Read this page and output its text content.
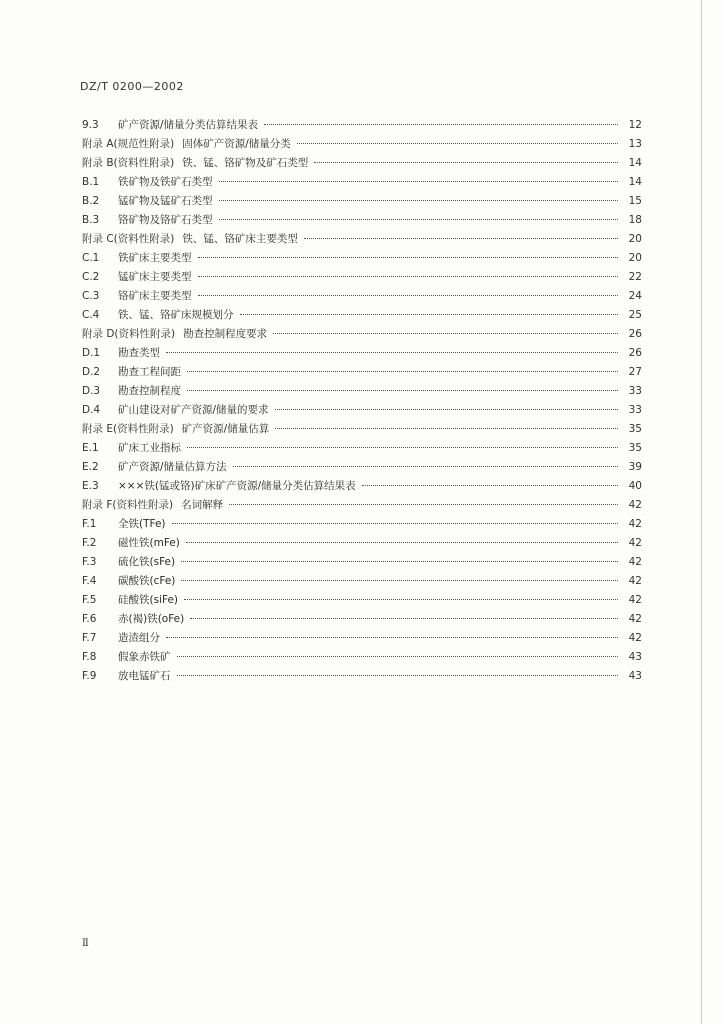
DZ/T 0200—2002
9.3	矿产资源/储量分类估算结果表	12
附录 A(规范性附录) 固体矿产资源/储量分类	13
附录 B(资料性附录) 铁、锰、铬矿物及矿石类型	14
B.1	铁矿物及铁矿石类型	14
B.2	锰矿物及锰矿石类型	15
B.3	铬矿物及铬矿石类型	18
附录 C(资料性附录) 铁、锰、铬矿床主要类型	20
C.1	铁矿床主要类型	20
C.2	锰矿床主要类型	22
C.3	铬矿床主要类型	24
C.4	铁、锰、铬矿床规模划分	25
附录 D(资料性附录) 勘查控制程度要求	26
D.1	勘查类型	26
D.2	勘查工程间距	27
D.3	勘查控制程度	33
D.4	矿山建设对矿产资源/储量的要求	33
附录 E(资料性附录) 矿产资源/储量估算	35
E.1	矿床工业指标	35
E.2	矿产资源/储量估算方法	39
E.3	×××铁(锰或铬)矿床矿产资源/储量分类估算结果表	40
附录 F(资料性附录) 名词解释	42
F.1	全铁(TFe)	42
F.2	磁性铁(mFe)	42
F.3	硫化铁(sFe)	42
F.4	碳酸铁(cFe)	42
F.5	硅酸铁(siFe)	42
F.6	赤(褐)铁(oFe)	42
F.7	造渣组分	42
F.8	假象赤铁矿	43
F.9	放电锰矿石	43
Ⅱ
